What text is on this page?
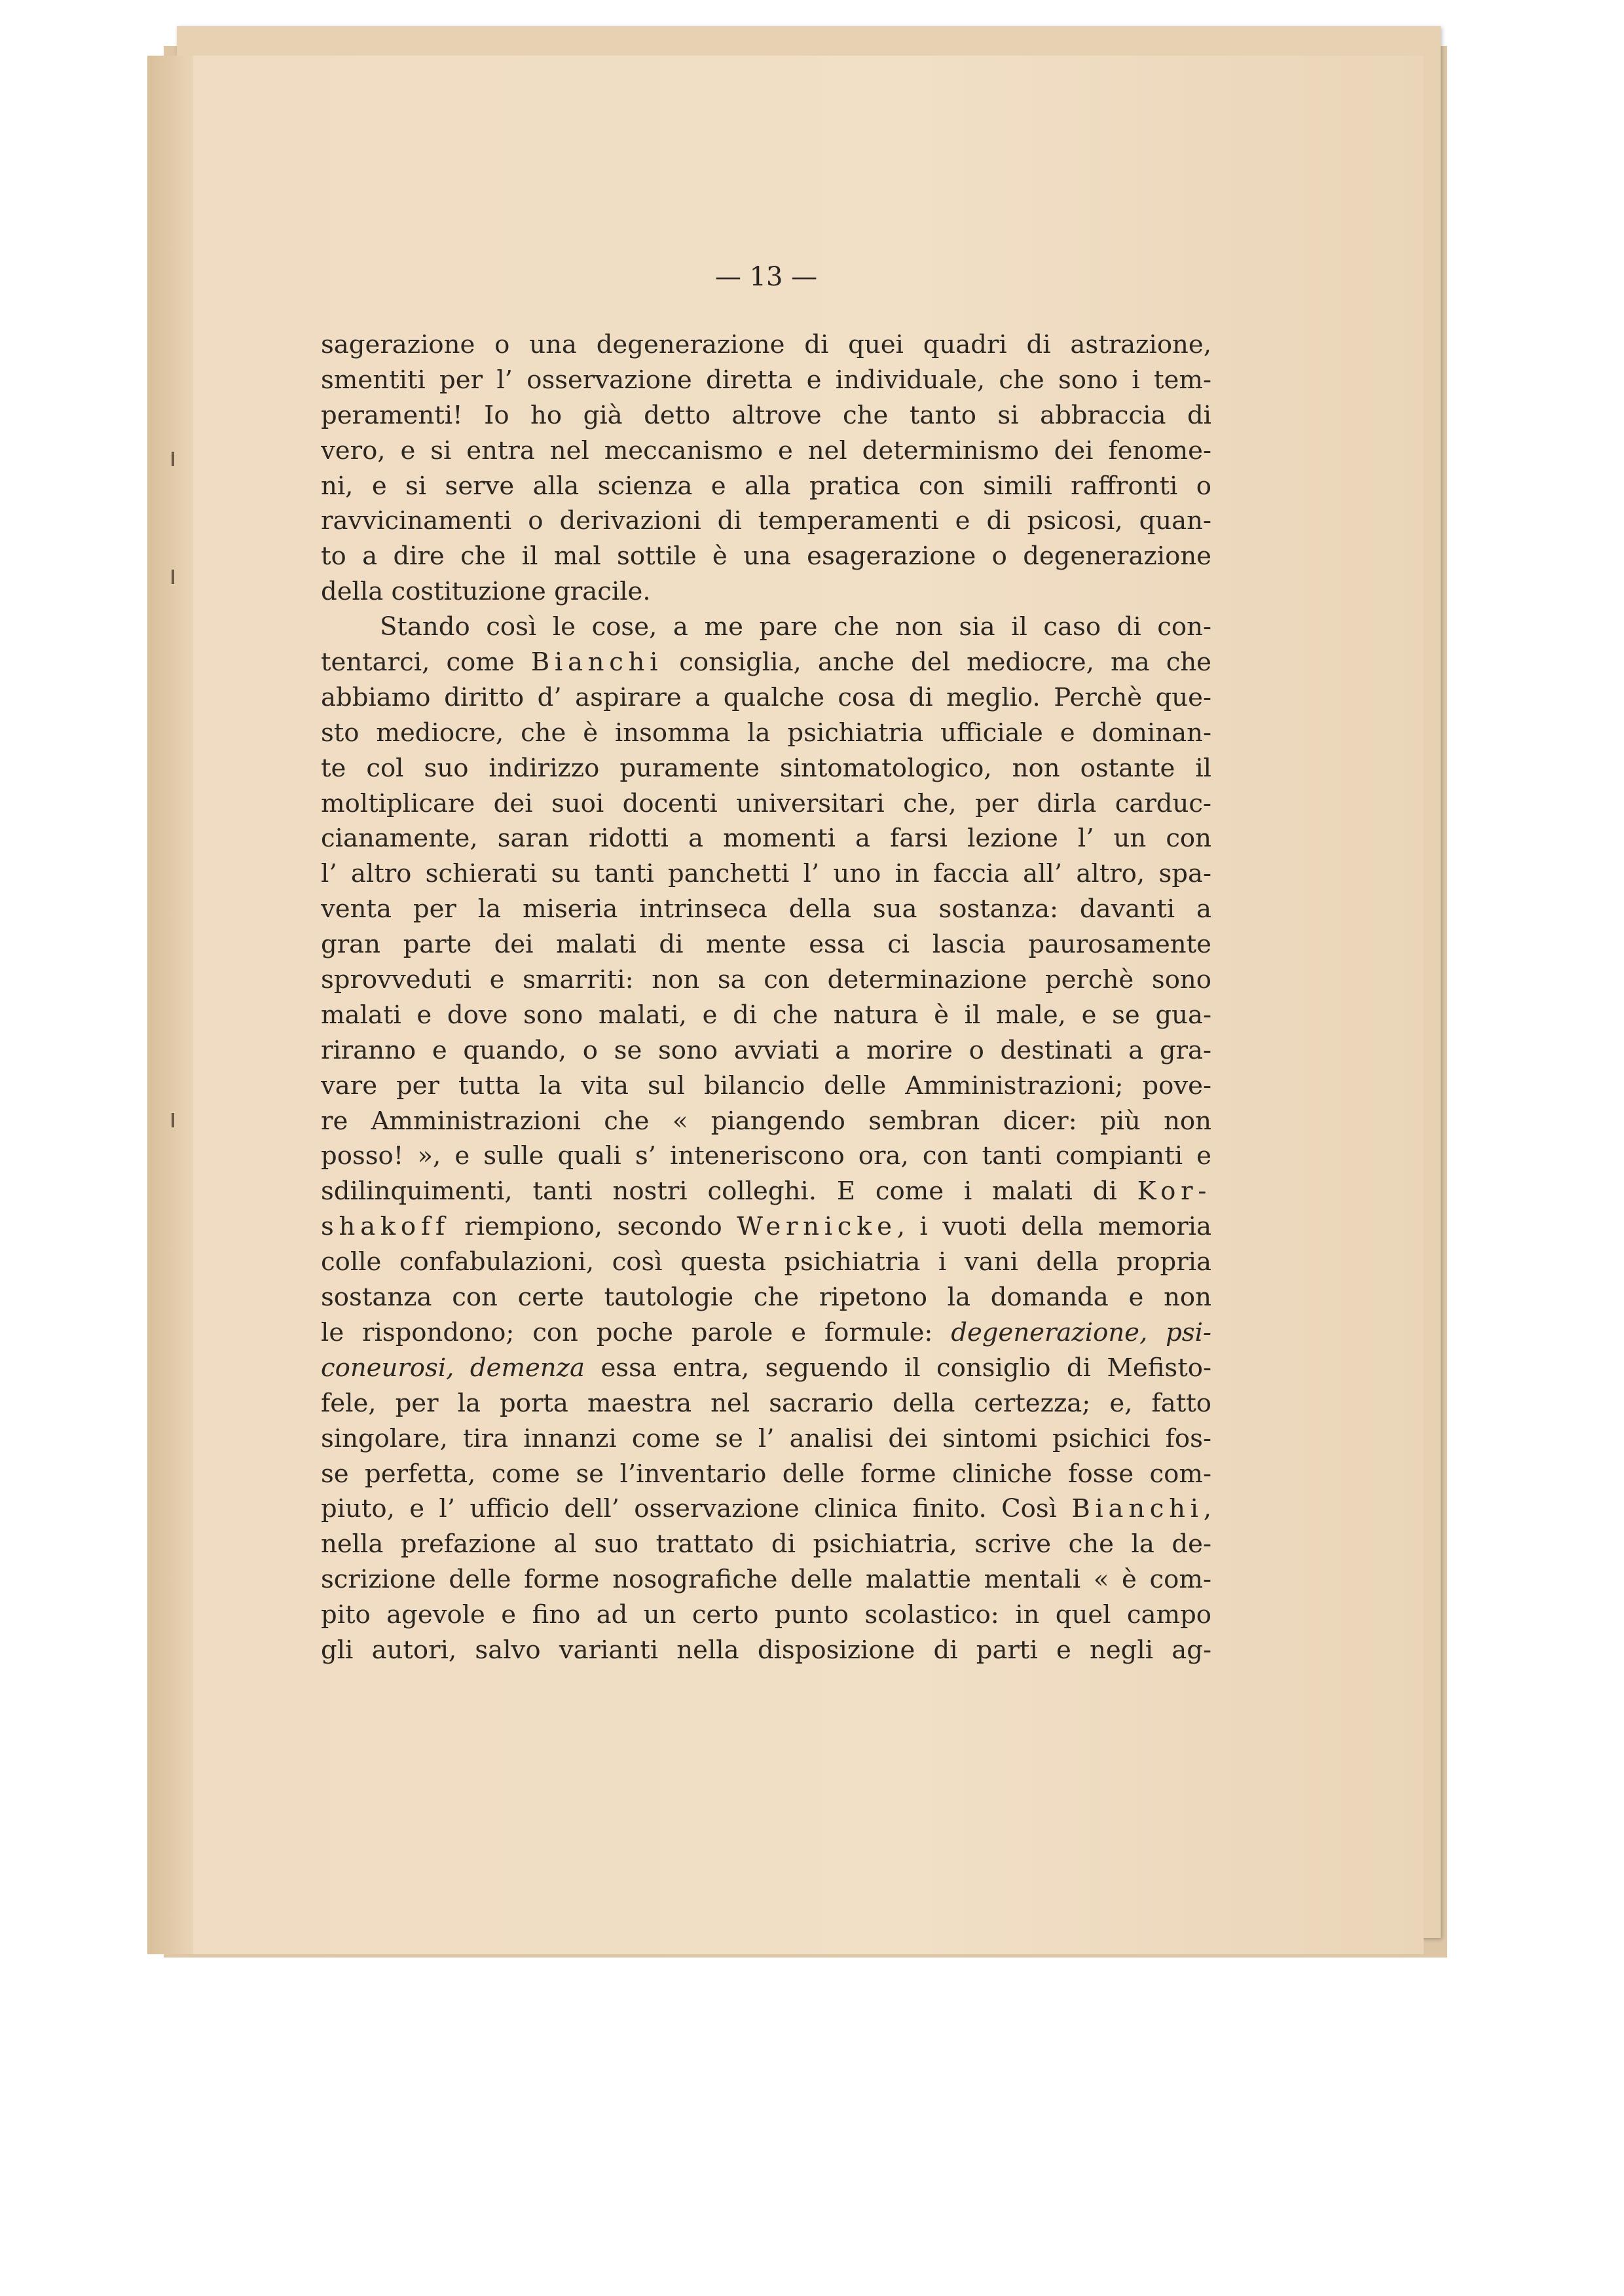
— 13 —
sagerazione o una degenerazione di quei quadri di astrazione,
smentiti per l’ osservazione diretta e individuale, che sono i tem-
peramenti! Io ho già detto altrove che tanto si abbraccia di
vero, e si entra nel meccanismo e nel determinismo dei fenome-
ni, e si serve alla scienza e alla pratica con simili raffronti o
ravvicinamenti o derivazioni di temperamenti e di psicosi, quan-
to a dire che il mal sottile è una esagerazione o degenerazione
della costituzione gracile.
Stando così le cose, a me pare che non sia il caso di con-
tentarci, come Bianchi consiglia, anche del mediocre, ma che
abbiamo diritto d’ aspirare a qualche cosa di meglio. Perchè que-
sto mediocre, che è insomma la psichiatria ufficiale e dominan-
te col suo indirizzo puramente sintomatologico, non ostante il
moltiplicare dei suoi docenti universitari che, per dirla carduc-
cianamente, saran ridotti a momenti a farsi lezione l’ un con
l’ altro schierati su tanti panchetti l’ uno in faccia all’ altro, spa-
venta per la miseria intrinseca della sua sostanza: davanti a
gran parte dei malati di mente essa ci lascia paurosamente
sprovveduti e smarriti: non sa con determinazione perchè sono
malati e dove sono malati, e di che natura è il male, e se gua-
riranno e quando, o se sono avviati a morire o destinati a gra-
vare per tutta la vita sul bilancio delle Amministrazioni; pove-
re Amministrazioni che « piangendo sembran dicer: più non
posso! », e sulle quali s’ inteneriscono ora, con tanti compianti e
sdilinquimenti, tanti nostri colleghi. E come i malati di Kor-
shakoff riempiono, secondo Wernicke, i vuoti della memoria
colle confabulazioni, così questa psichiatria i vani della propria
sostanza con certe tautologie che ripetono la domanda e non
le rispondono; con poche parole e formule: degenerazione, psi-
coneurosi, demenza essa entra, seguendo il consiglio di Mefisto-
fele, per la porta maestra nel sacrario della certezza; e, fatto
singolare, tira innanzi come se l’ analisi dei sintomi psichici fos-
se perfetta, come se l’inventario delle forme cliniche fosse com-
piuto, e l’ ufficio dell’ osservazione clinica finito. Così Bianchi,
nella prefazione al suo trattato di psichiatria, scrive che la de-
scrizione delle forme nosografiche delle malattie mentali « è com-
pito agevole e fino ad un certo punto scolastico: in quel campo
gli autori, salvo varianti nella disposizione di parti e negli ag-
